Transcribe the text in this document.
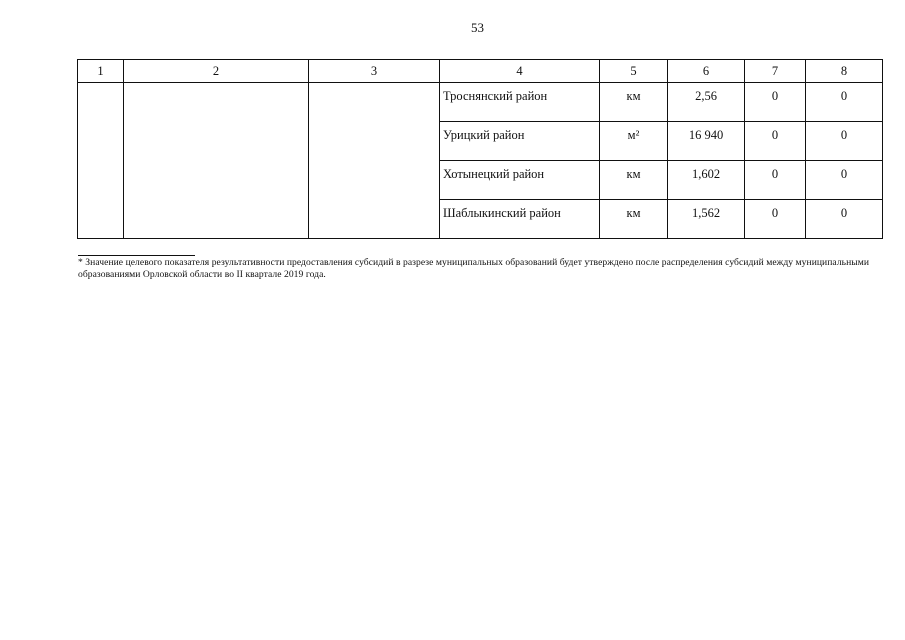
53
1	2	3	4	5	6	7	8

			Троснянский район	км	2,56	0	0

			Урицкий район	м²	16 940	0	0

			Хотынецкий район	км	1,602	0	0

			Шаблыкинский район	км	1,562	0	0
* Значение целевого показателя результативности предоставления субсидий в разрезе муниципальных образований будет утверждено после распределения субсидий между муниципальными образованиями Орловской области во II квартале 2019 года.
